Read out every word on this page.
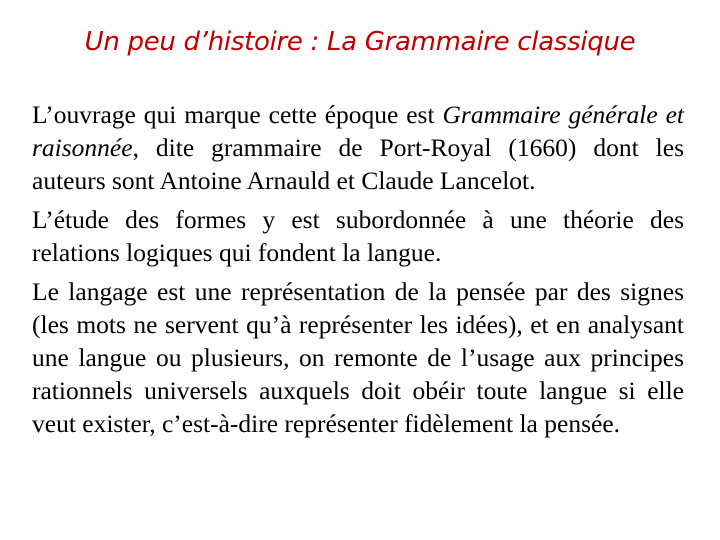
Un peu d’histoire : La Grammaire classique

L’ouvrage qui marque cette époque est Grammaire générale et raisonnée, dite grammaire de Port-Royal (1660) dont les auteurs sont Antoine Arnauld et Claude Lancelot.

L’étude des formes y est subordonnée à une théorie des relations logiques qui fondent la langue.

Le langage est une représentation de la pensée par des signes (les mots ne servent qu’à représenter les idées), et en analysant une langue ou plusieurs, on remonte de l’usage aux principes rationnels universels auxquels doit obéir toute langue si elle veut exister, c’est-à-dire représenter fidèlement la pensée.
